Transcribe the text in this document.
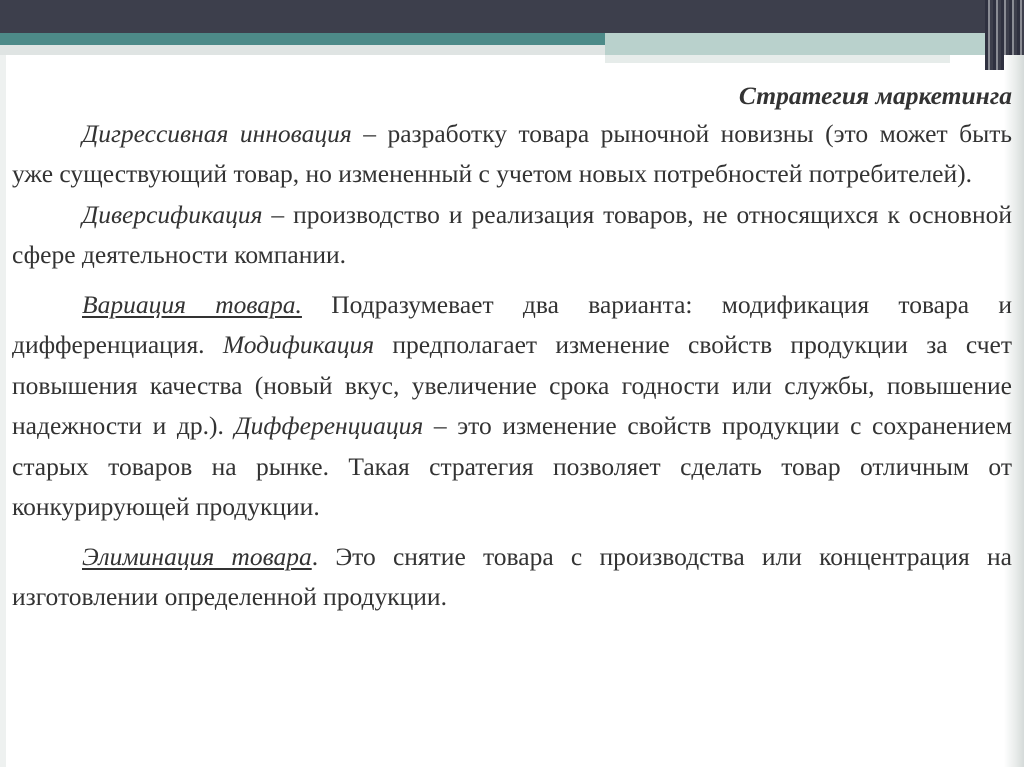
Стратегия маркетинга

Дигрессивная инновация – разработку товара рыночной новизны (это может быть уже существующий товар, но измененный с учетом новых потребностей потребителей).

Диверсификация – производство и реализация товаров, не относящихся к основной сфере деятельности компании.

Вариация товара. Подразумевает два варианта: модификация товара и дифференциация. Модификация предполагает изменение свойств продукции за счет повышения качества (новый вкус, увеличение срока годности или службы, повышение надежности и др.). Дифференциация – это изменение свойств продукции с сохранением старых товаров на рынке. Такая стратегия позволяет сделать товар отличным от конкурирующей продукции.

Элиминация товара. Это снятие товара с производства или концентрация на изготовлении определенной продукции.
